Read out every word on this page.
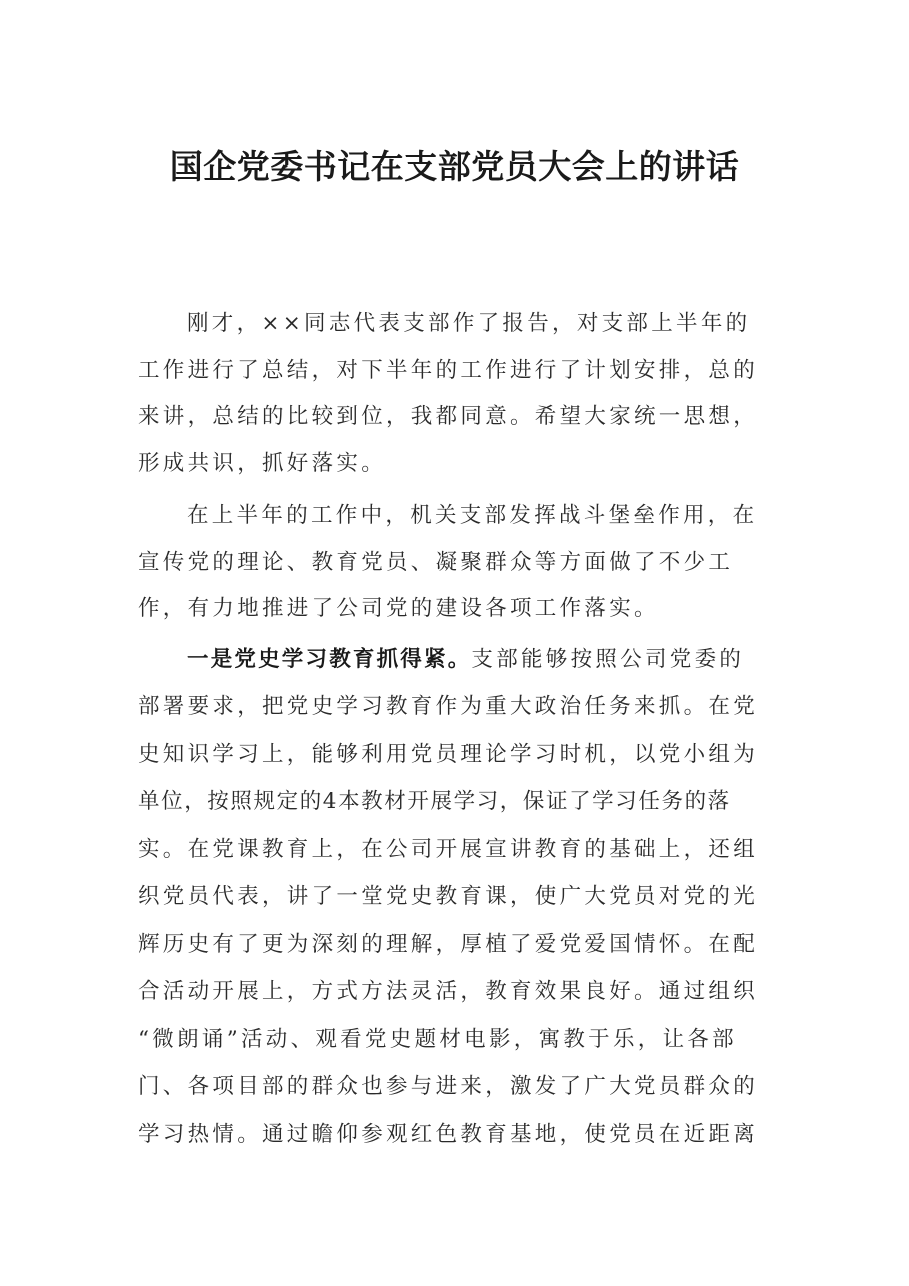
国企党委书记在支部党员大会上的讲话
刚才，××同志代表支部作了报告，对支部上半年的
工作进行了总结，对下半年的工作进行了计划安排，总的
来讲，总结的比较到位，我都同意。希望大家统一思想，
形成共识，抓好落实。
在上半年的工作中，机关支部发挥战斗堡垒作用，在
宣传党的理论、教育党员、凝聚群众等方面做了不少工
作，有力地推进了公司党的建设各项工作落实。
一是党史学习教育抓得紧。支部能够按照公司党委的
部署要求，把党史学习教育作为重大政治任务来抓。在党
史知识学习上，能够利用党员理论学习时机，以党小组为
单位，按照规定的4本教材开展学习，保证了学习任务的落
实。在党课教育上，在公司开展宣讲教育的基础上，还组
织党员代表，讲了一堂党史教育课，使广大党员对党的光
辉历史有了更为深刻的理解，厚植了爱党爱国情怀。在配
合活动开展上，方式方法灵活，教育效果良好。通过组织
“微朗诵”活动、观看党史题材电影，寓教于乐，让各部
门、各项目部的群众也参与进来，激发了广大党员群众的
学习热情。通过瞻仰参观红色教育基地，使党员在近距离
